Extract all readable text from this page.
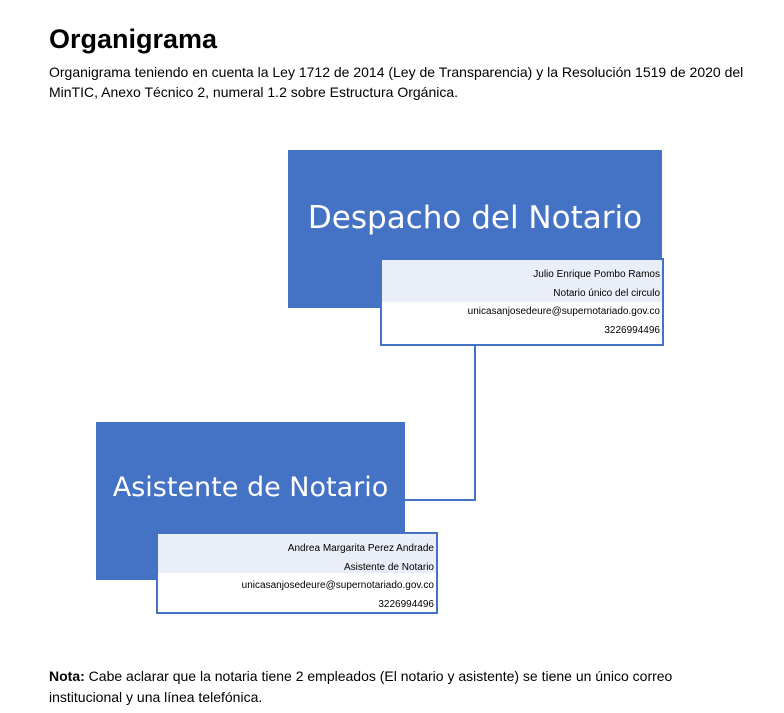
Organigrama

Organigrama teniendo en cuenta la Ley 1712 de 2014 (Ley de Transparencia) y la Resolución 1519 de 2020 del MinTIC, Anexo Técnico 2, numeral 1.2 sobre Estructura Orgánica.

Despacho del Notario
Julio Enrique Pombo Ramos
Notario único del circulo
unicasanjosedeure@supernotariado.gov.co
3226994496
Asistente de Notario
Andrea Margarita Perez Andrade
Asistente de Notario
unicasanjosedeure@supernotariado.gov.co
3226994496

Nota: Cabe aclarar que la notaria tiene 2 empleados (El notario y asistente) se tiene un único correo institucional y una línea telefónica.
